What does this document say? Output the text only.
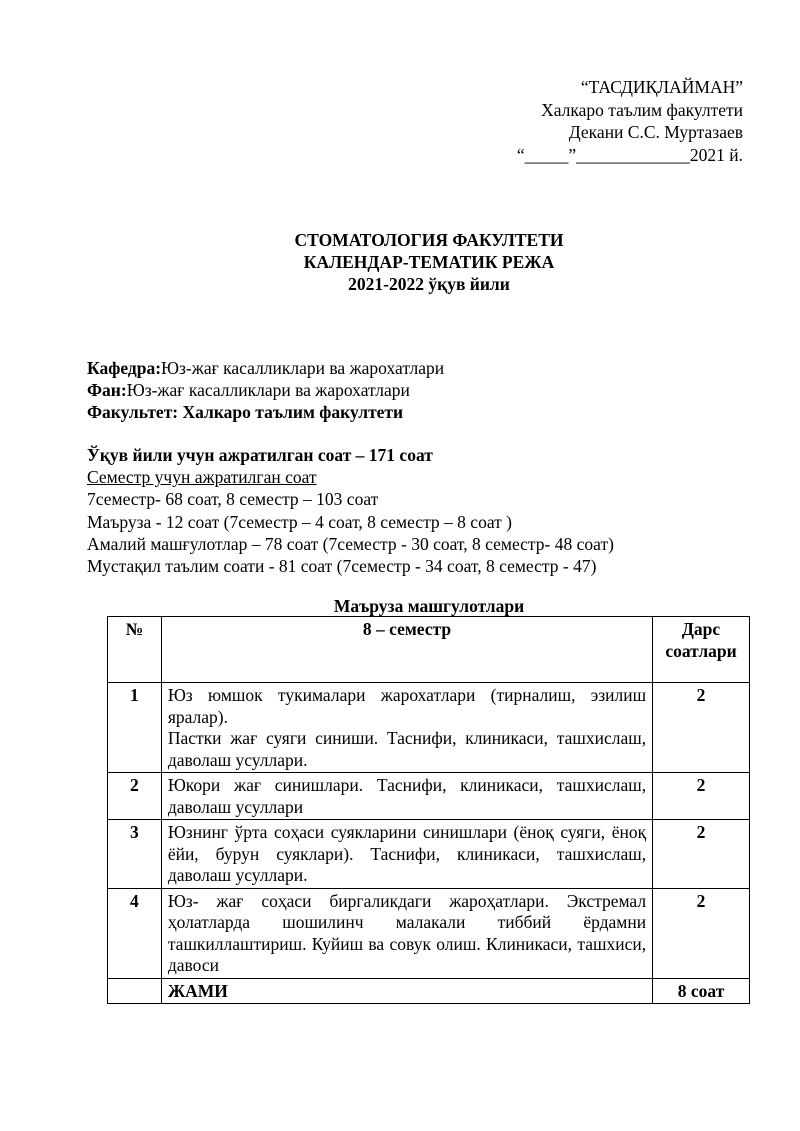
“ТАСДИҚЛАЙМАН”
Халкаро таълим факултети
Декани С.С. Муртазаев
“_____”_____________2021 й.
СТОМАТОЛОГИЯ ФАКУЛТЕТИ
КАЛЕНДАР-ТЕМАТИК РЕЖА
2021-2022 ўқув йили
Кафедра:Юз-жағ касалликлари ва жарохатлари
Фан:Юз-жағ касалликлари ва жарохатлари
Факультет: Халкаро таълим факултети
Ўқув йили учун ажратилган соат – 171 соат
Семестр учун ажратилган соат
7семестр- 68 соат, 8 семестр – 103 соат
Маъруза - 12 соат (7семестр – 4 соат, 8 семестр – 8 соат )
Амалий машғулотлар – 78 соат (7семестр - 30 соат, 8 семестр- 48 соат)
Мустақил таълим соати - 81 соат (7семестр - 34 соат, 8 семестр - 47)
Маъруза машгулотлари
№	8 – семестр	Дарс
соатлари
1	Юз юмшок тукималари жарохатлари (тирналиш, эзилиш яралар).
Пастки жағ суяги синиши. Таснифи, клиникаси, ташхислаш, даволаш усуллари.	2
2	Юкори жағ синишлари. Таснифи, клиникаси, ташхислаш, даволаш усуллари	2
3	Юзнинг ўрта соҳаси суякларини синишлари (ёноқ суяги, ёноқ ёйи, бурун суяклари). Таснифи, клиникаси, ташхислаш, даволаш усуллари.	2
4	Юз- жағ соҳаси биргаликдаги жароҳатлари. Экстремал ҳолатларда шошилинч малакали тиббий ёрдамни ташкиллаштириш. Куйиш ва совук олиш. Клиникаси, ташхиси, давоси	2
	ЖАМИ	8 соат
